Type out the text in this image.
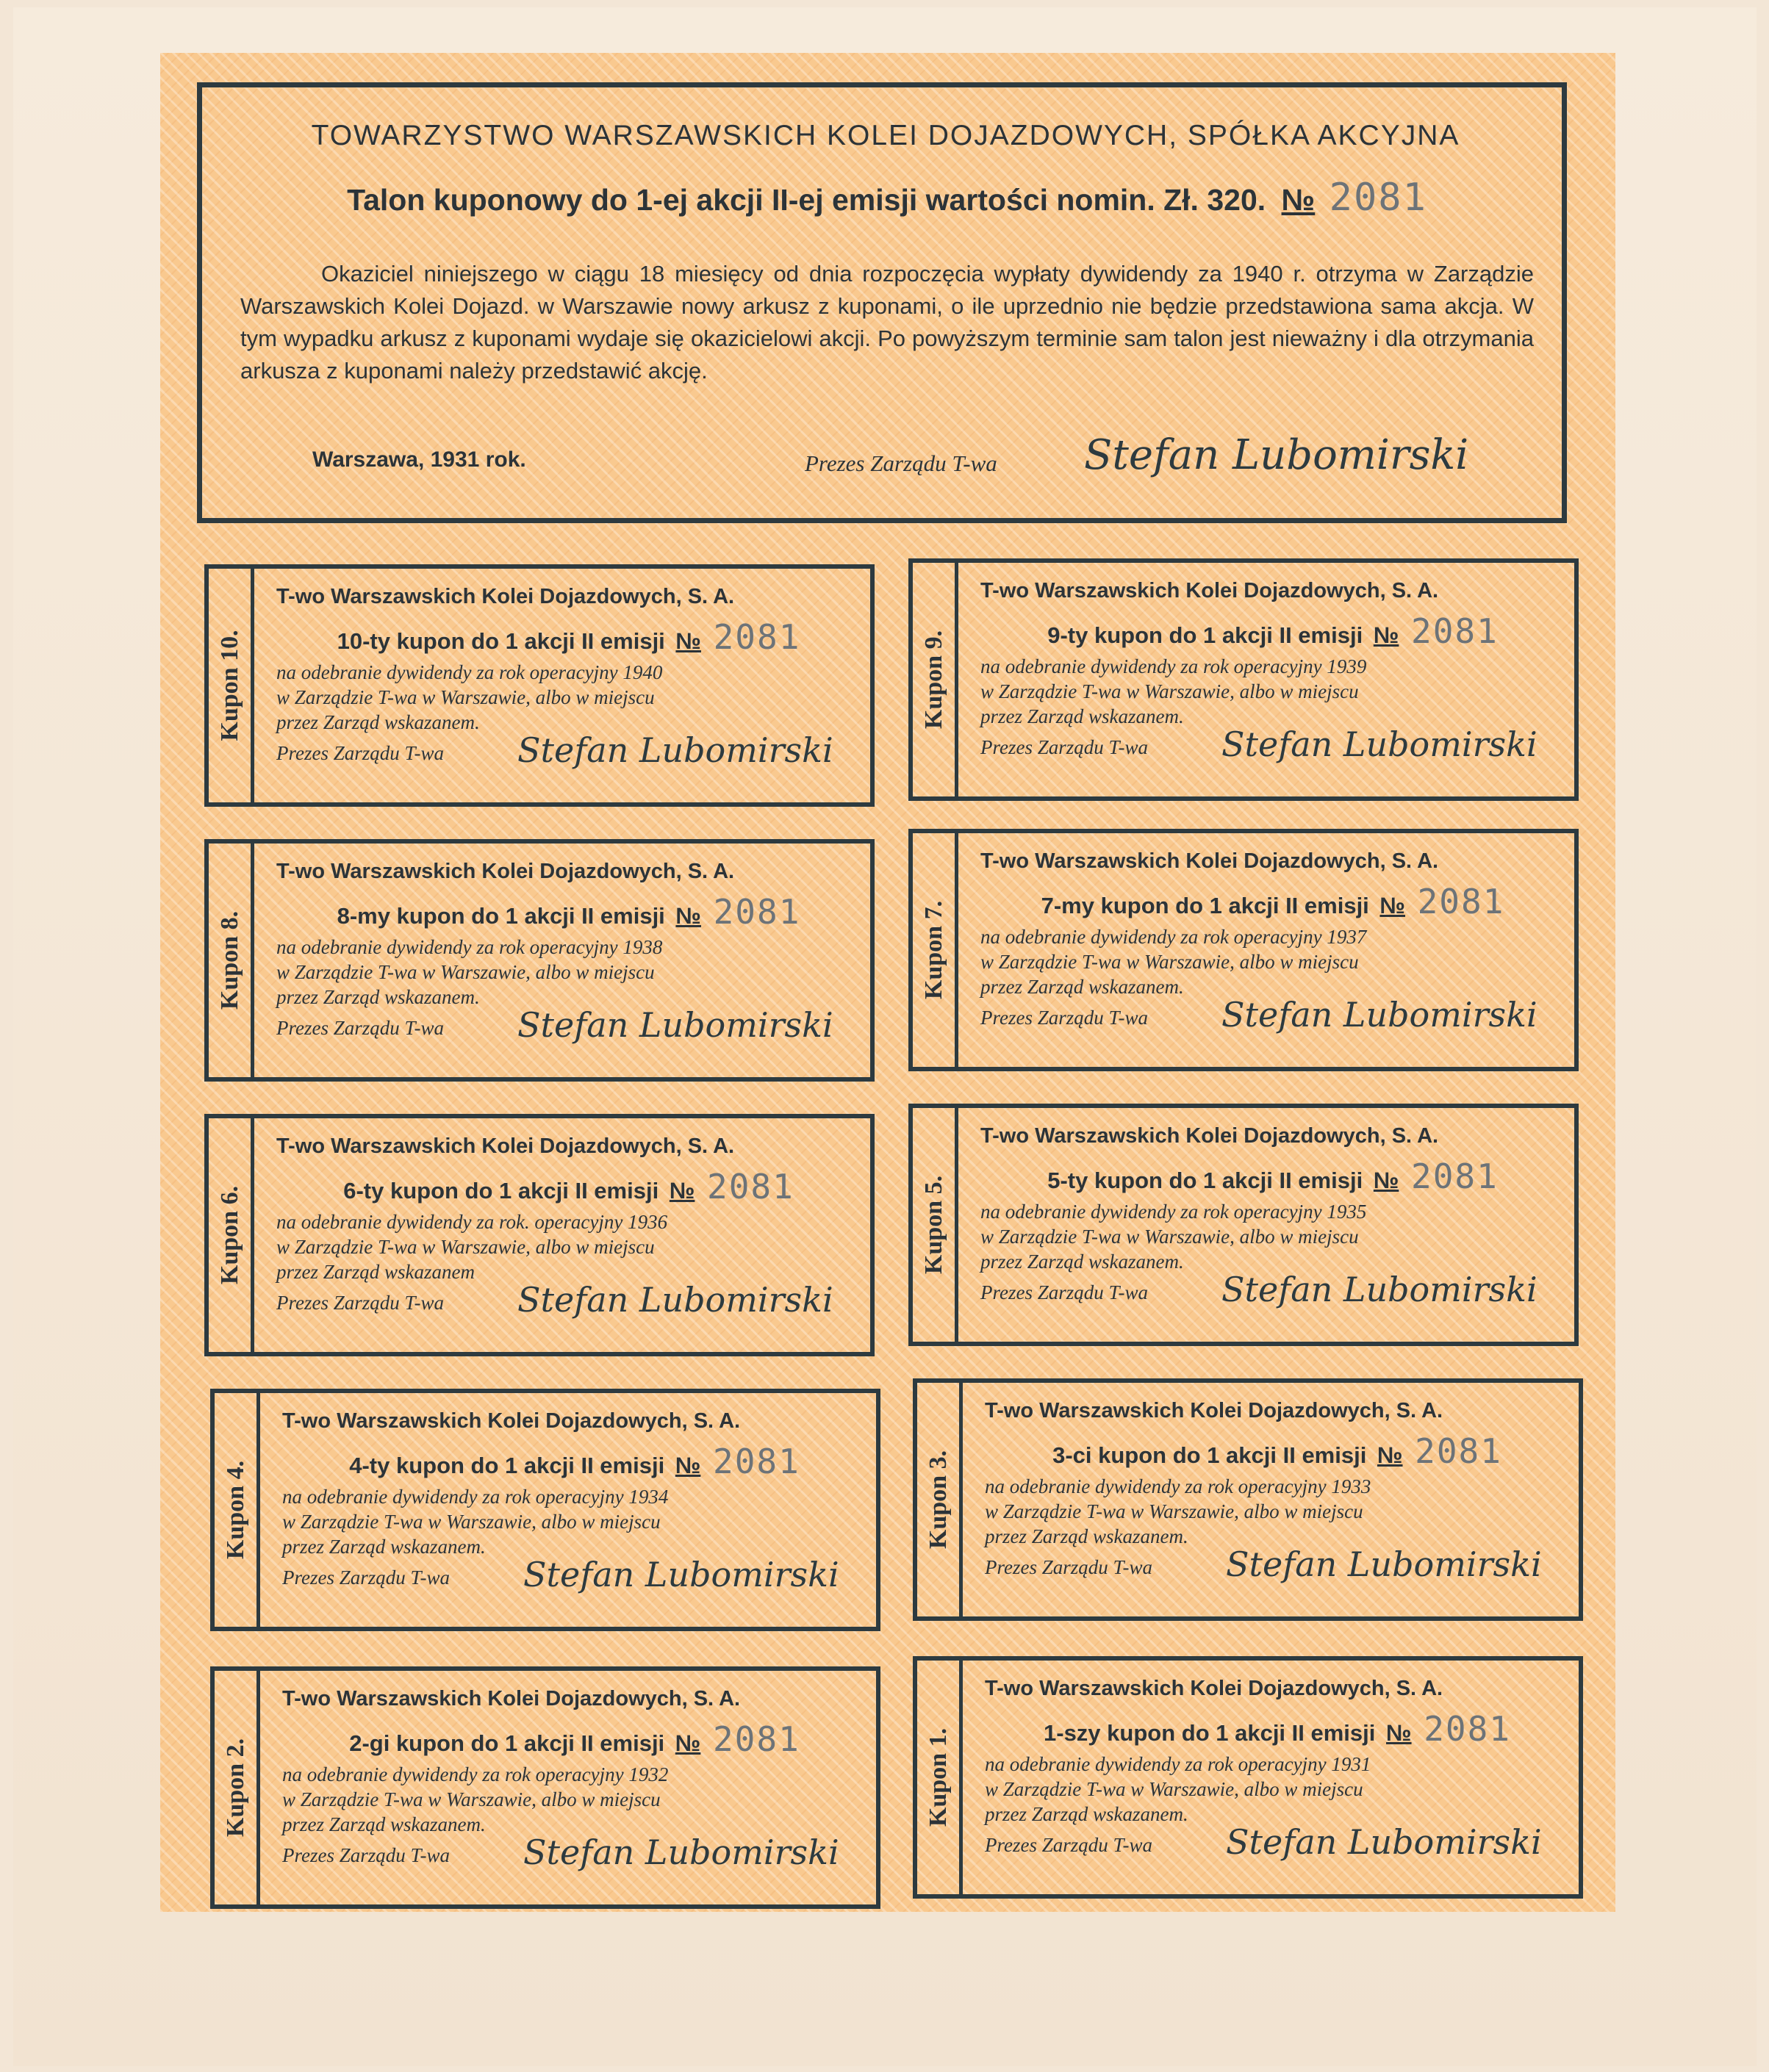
TOWARZYSTWO WARSZAWSKICH KOLEI DOJAZDOWYCH, SPÓŁKA AKCYJNA
Talon kuponowy do 1-ej akcji II-ej emisji wartości nomin. Zł. 320. № 2081
Okaziciel niniejszego w ciągu 18 miesięcy od dnia rozpoczęcia wypłaty dywidendy za 1940 r. otrzyma w Zarządzie Warszawskich Kolei Dojazd. w Warszawie nowy arkusz z kuponami, o ile uprzednio nie będzie przedstawiona sama akcja. W tym wypadku arkusz z kuponami wydaje się okazicielowi akcji. Po powyższym terminie sam talon jest nieważny i dla otrzymania arkusza z kuponami należy przedstawić akcję.
Warszawa, 1931 rok.	Prezes Zarządu T-wa Stefan Lubomirski
Kupon 10.
T-wo Warszawskich Kolei Dojazdowych, S. A.
10-ty kupon do 1 akcji II emisji № 2081
na odebranie dywidendy za rok operacyjny 1940
w Zarządzie T-wa w Warszawie, albo w miejscu
przez Zarząd wskazanem.
Prezes Zarządu T-wa Stefan Lubomirski
Kupon 9.
T-wo Warszawskich Kolei Dojazdowych, S. A.
9-ty kupon do 1 akcji II emisji № 2081
na odebranie dywidendy za rok operacyjny 1939
w Zarządzie T-wa w Warszawie, albo w miejscu
przez Zarząd wskazanem.
Prezes Zarządu T-wa Stefan Lubomirski
Kupon 8.
T-wo Warszawskich Kolei Dojazdowych, S. A.
8-my kupon do 1 akcji II emisji № 2081
na odebranie dywidendy za rok operacyjny 1938
w Zarządzie T-wa w Warszawie, albo w miejscu
przez Zarząd wskazanem.
Prezes Zarządu T-wa Stefan Lubomirski
Kupon 7.
T-wo Warszawskich Kolei Dojazdowych, S. A.
7-my kupon do 1 akcji II emisji № 2081
na odebranie dywidendy za rok operacyjny 1937
w Zarządzie T-wa w Warszawie, albo w miejscu
przez Zarząd wskazanem.
Prezes Zarządu T-wa Stefan Lubomirski
Kupon 6.
T-wo Warszawskich Kolei Dojazdowych, S. A.
6-ty kupon do 1 akcji II emisji № 2081
na odebranie dywidendy za rok. operacyjny 1936
w Zarządzie T-wa w Warszawie, albo w miejscu
przez Zarząd wskazanem
Prezes Zarządu T-wa Stefan Lubomirski
Kupon 5.
T-wo Warszawskich Kolei Dojazdowych, S. A.
5-ty kupon do 1 akcji II emisji № 2081
na odebranie dywidendy za rok operacyjny 1935
w Zarządzie T-wa w Warszawie, albo w miejscu
przez Zarząd wskazanem.
Prezes Zarządu T-wa Stefan Lubomirski
Kupon 4.
T-wo Warszawskich Kolei Dojazdowych, S. A.
4-ty kupon do 1 akcji II emisji № 2081
na odebranie dywidendy za rok operacyjny 1934
w Zarządzie T-wa w Warszawie, albo w miejscu
przez Zarząd wskazanem.
Prezes Zarządu T-wa Stefan Lubomirski
Kupon 3.
T-wo Warszawskich Kolei Dojazdowych, S. A.
3-ci kupon do 1 akcji II emisji № 2081
na odebranie dywidendy za rok operacyjny 1933
w Zarządzie T-wa w Warszawie, albo w miejscu
przez Zarząd wskazanem.
Prezes Zarządu T-wa Stefan Lubomirski
Kupon 2.
T-wo Warszawskich Kolei Dojazdowych, S. A.
2-gi kupon do 1 akcji II emisji № 2081
na odebranie dywidendy za rok operacyjny 1932
w Zarządzie T-wa w Warszawie, albo w miejscu
przez Zarząd wskazanem.
Prezes Zarządu T-wa Stefan Lubomirski
Kupon 1.
T-wo Warszawskich Kolei Dojazdowych, S. A.
1-szy kupon do 1 akcji II emisji № 2081
na odebranie dywidendy za rok operacyjny 1931
w Zarządzie T-wa w Warszawie, albo w miejscu
przez Zarząd wskazanem.
Prezes Zarządu T-wa Stefan Lubomirski
